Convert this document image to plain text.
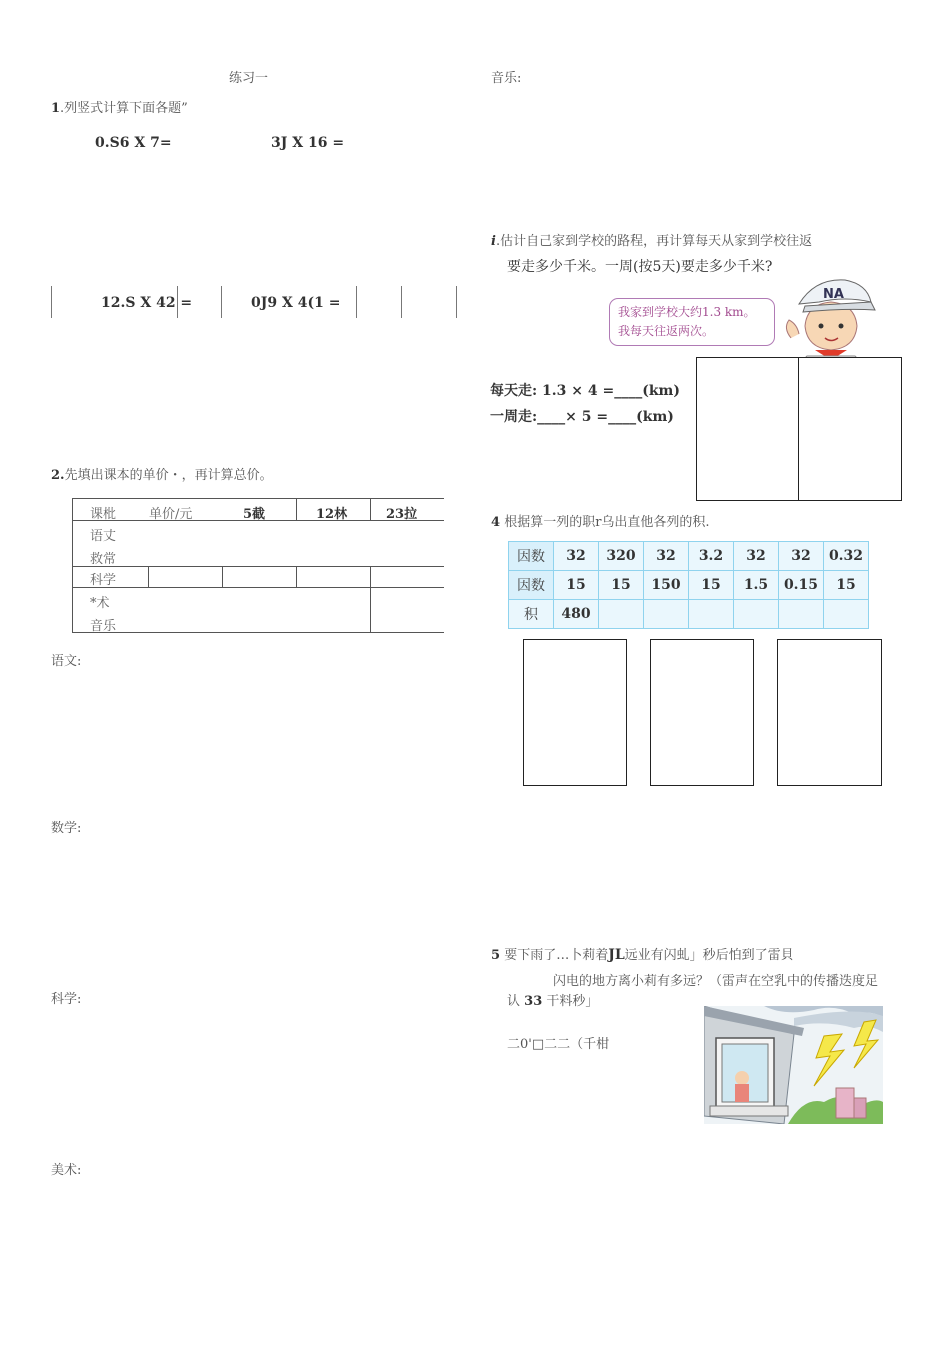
练习一
1.列竖式计算下面各题”
0.S6 X 7=	3J X 16 =
12.S X 42 =	0J9 X 4(1 =
2.先填出课本的单价・，再计算总价。
课枇	单价/元	5截	12林	23拉
语丈
救常
科学
*术
音乐
语文:
数学:
科学:
美术:
音乐:
i.估计自己家到学校的路程，再计算每天从家到学校往返
要走多少千米。一周(按5天)要走多少千米?
我家到学校大约1.3 km。
我每天往返两次。
NA
每天走: 1.3 × 4 =____(km)
一周走:____× 5 =____(km)
4 根据算一列的职r乌出直他各列的积.
因数	32	320	32	3.2	32	32	0.32
因数	15	15	150	15	1.5	0.15	15
积	480						
5 要下雨了…卜莉着JL远业有闪虬」秒后怕到了雷貝
闪电的地方离小莉有多远？（雷声在空乳中的传播迭度足
认 33 干料秒」
二0'□二二（千柑
